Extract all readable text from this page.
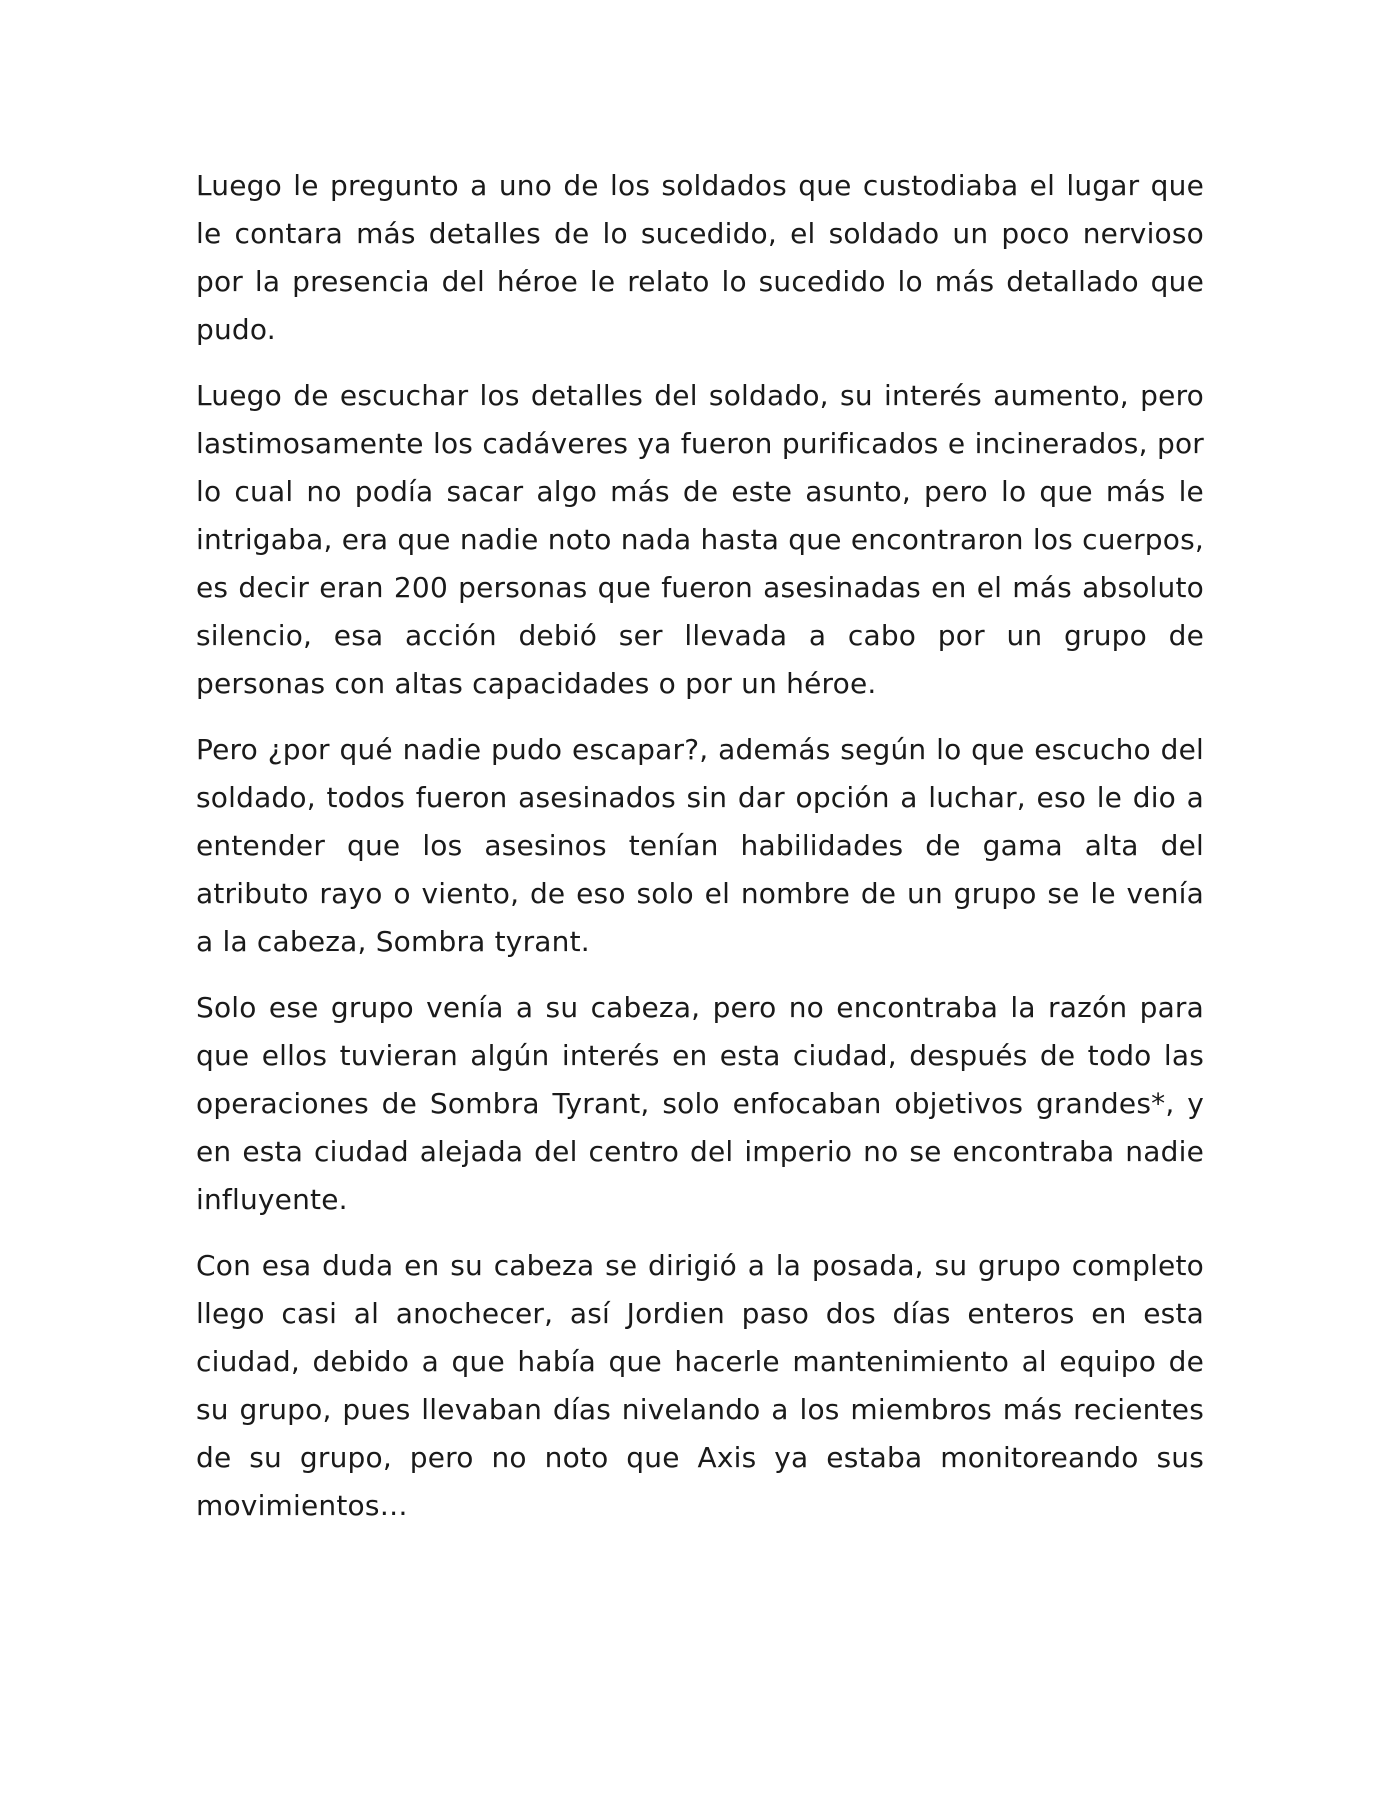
Luego le pregunto a uno de los soldados que custodiaba el lugar que le contara más detalles de lo sucedido, el soldado un poco nervioso por la presencia del héroe le relato lo sucedido lo más detallado que pudo.

Luego de escuchar los detalles del soldado, su interés aumento, pero lastimosamente los cadáveres ya fueron purificados e incinerados, por lo cual no podía sacar algo más de este asunto, pero lo que más le intrigaba, era que nadie noto nada hasta que encontraron los cuerpos, es decir eran 200 personas que fueron asesinadas en el más absoluto silencio, esa acción debió ser llevada a cabo por un grupo de personas con altas capacidades o por un héroe.

Pero ¿por qué nadie pudo escapar?, además según lo que escucho del soldado, todos fueron asesinados sin dar opción a luchar, eso le dio a entender que los asesinos tenían habilidades de gama alta del atributo rayo o viento, de eso solo el nombre de un grupo se le venía a la cabeza, Sombra tyrant.

Solo ese grupo venía a su cabeza, pero no encontraba la razón para que ellos tuvieran algún interés en esta ciudad, después de todo las operaciones de Sombra Tyrant, solo enfocaban objetivos grandes*, y en esta ciudad alejada del centro del imperio no se encontraba nadie influyente.

Con esa duda en su cabeza se dirigió a la posada, su grupo completo llego casi al anochecer, así Jordien paso dos días enteros en esta ciudad, debido a que había que hacerle mantenimiento al equipo de su grupo, pues llevaban días nivelando a los miembros más recientes de su grupo, pero no noto que Axis ya estaba monitoreando sus movimientos…
